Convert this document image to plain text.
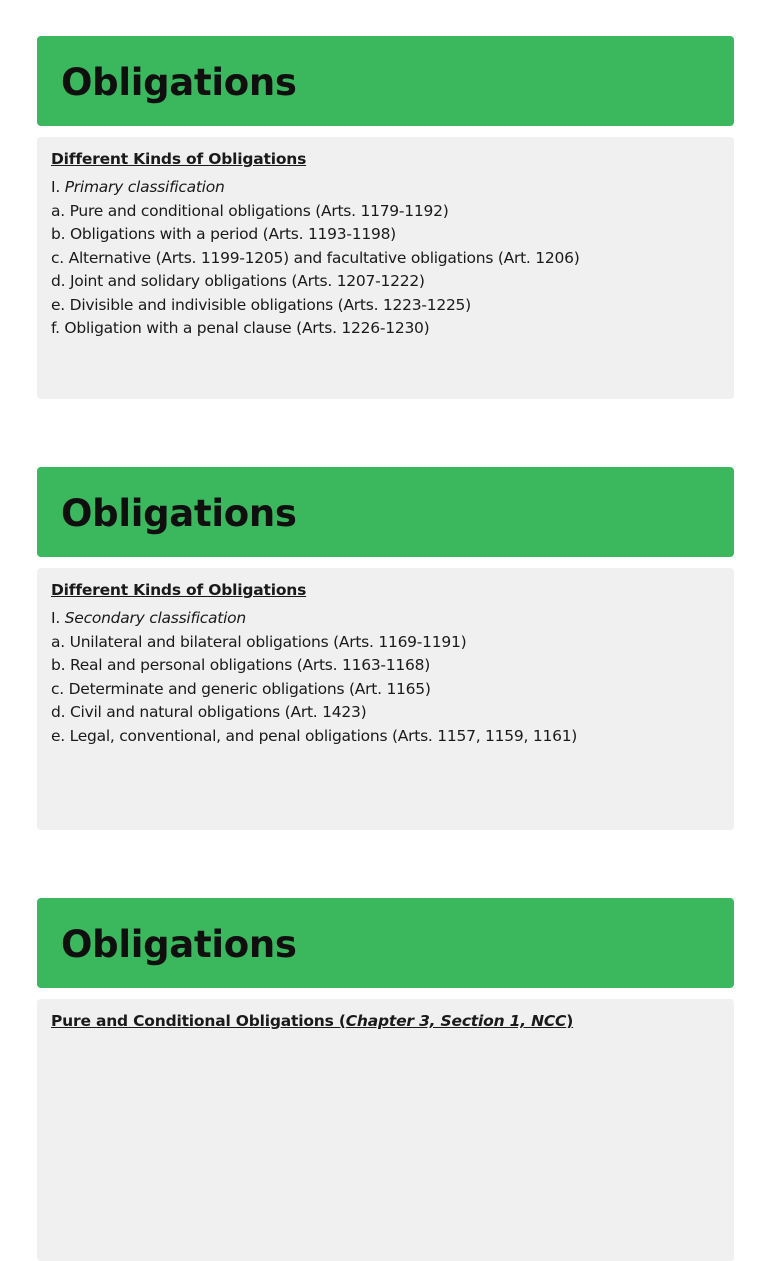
Obligations
Different Kinds of Obligations
I. Primary classification
a. Pure and conditional obligations (Arts. 1179-1192)
b. Obligations with a period (Arts. 1193-1198)
c. Alternative (Arts. 1199-1205) and facultative obligations (Art. 1206)
d. Joint and solidary obligations (Arts. 1207-1222)
e. Divisible and indivisible obligations (Arts. 1223-1225)
f. Obligation with a penal clause (Arts. 1226-1230)
Obligations
Different Kinds of Obligations
I. Secondary classification
a. Unilateral and bilateral obligations (Arts. 1169-1191)
b. Real and personal obligations (Arts. 1163-1168)
c. Determinate and generic obligations (Art. 1165)
d. Civil and natural obligations (Art. 1423)
e. Legal, conventional, and penal obligations (Arts. 1157, 1159, 1161)
Obligations
Pure and Conditional Obligations (Chapter 3, Section 1, NCC)
